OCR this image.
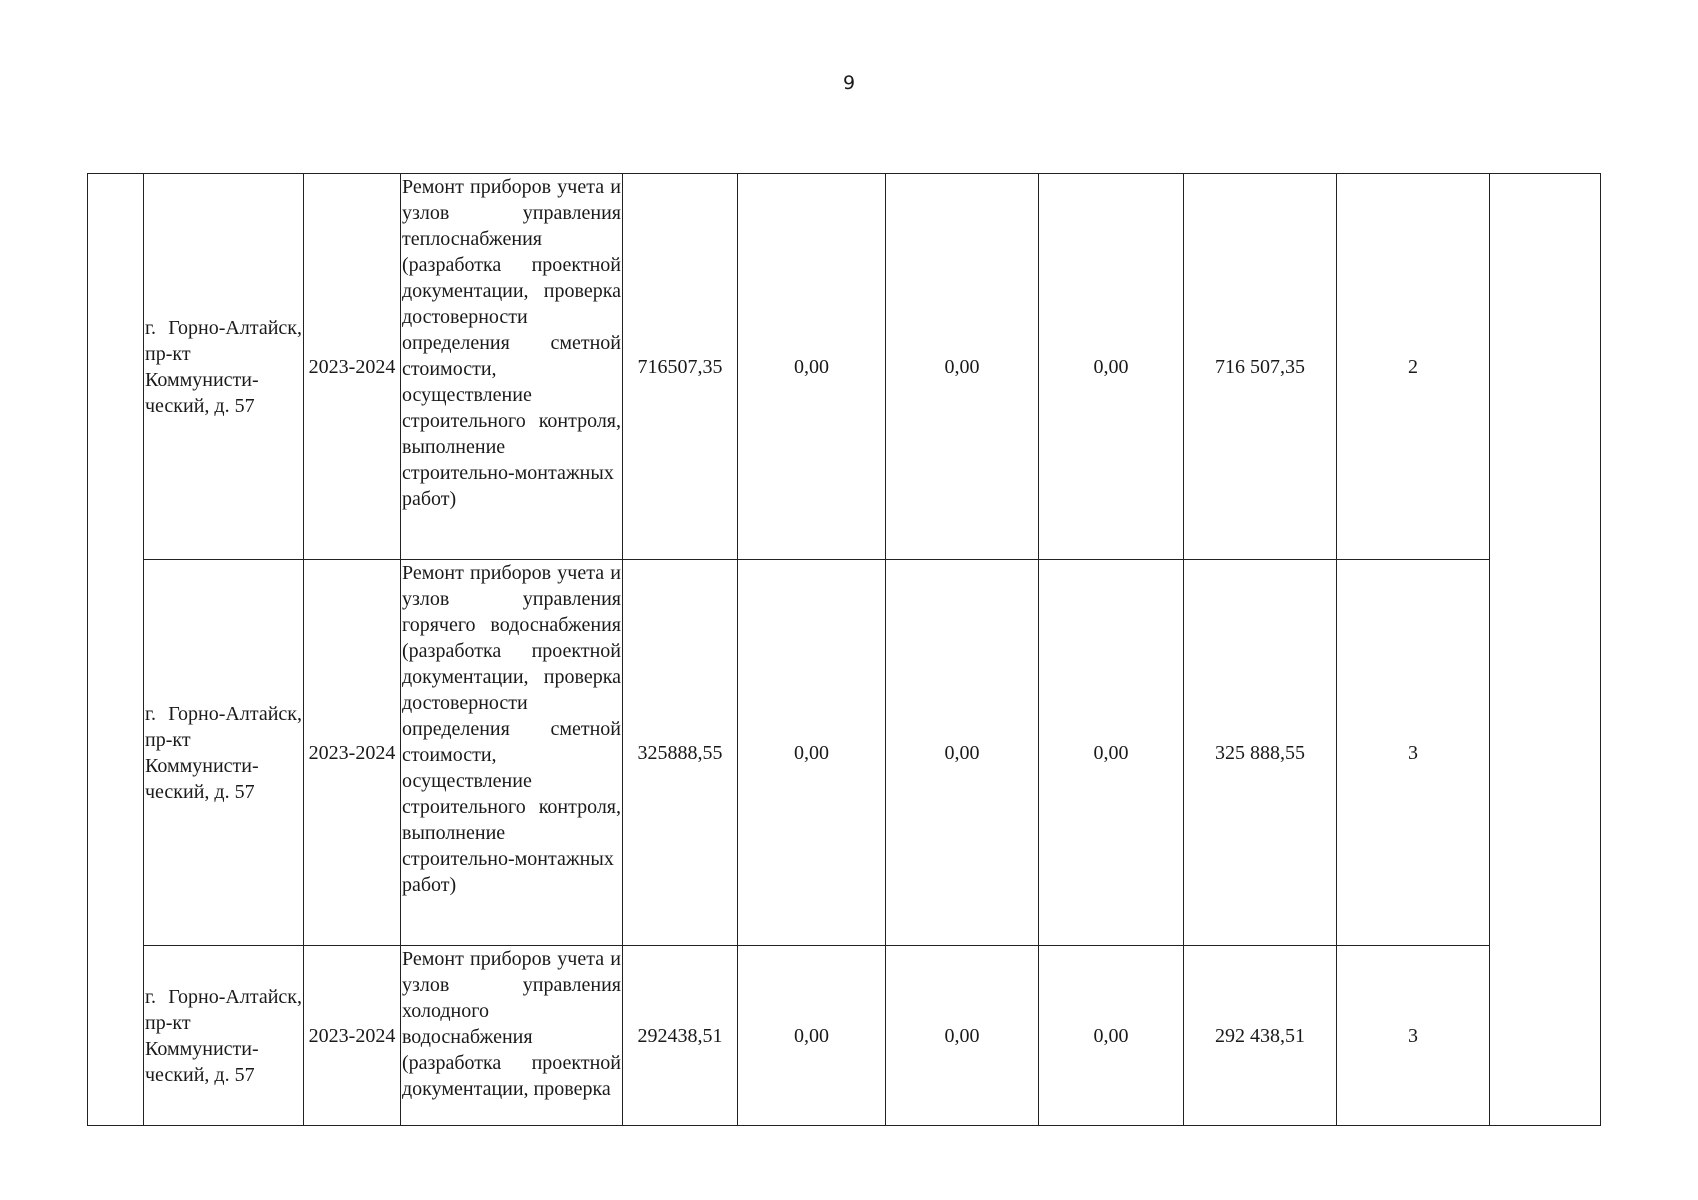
9
	г. Горно-Алтайск, пр-кт Коммунисти-ческий, д. 57	2023-2024	Ремонт приборов учета и узлов управления теплоснабжения (разработка проектной документации, проверка достоверности определения сметной стоимости, осуществление строительного контроля, выполнение строительно-монтажных работ)	716507,35	0,00	0,00	0,00	716 507,35	2	
	г. Горно-Алтайск, пр-кт Коммунисти-ческий, д. 57	2023-2024	Ремонт приборов учета и узлов управления горячего водоснабжения (разработка проектной документации, проверка достоверности определения сметной стоимости, осуществление строительного контроля, выполнение строительно-монтажных работ)	325888,55	0,00	0,00	0,00	325 888,55	3	
	г. Горно-Алтайск, пр-кт Коммунисти-ческий, д. 57	2023-2024	Ремонт приборов учета и узлов управления холодного водоснабжения (разработка проектной документации, проверка	292438,51	0,00	0,00	0,00	292 438,51	3	
